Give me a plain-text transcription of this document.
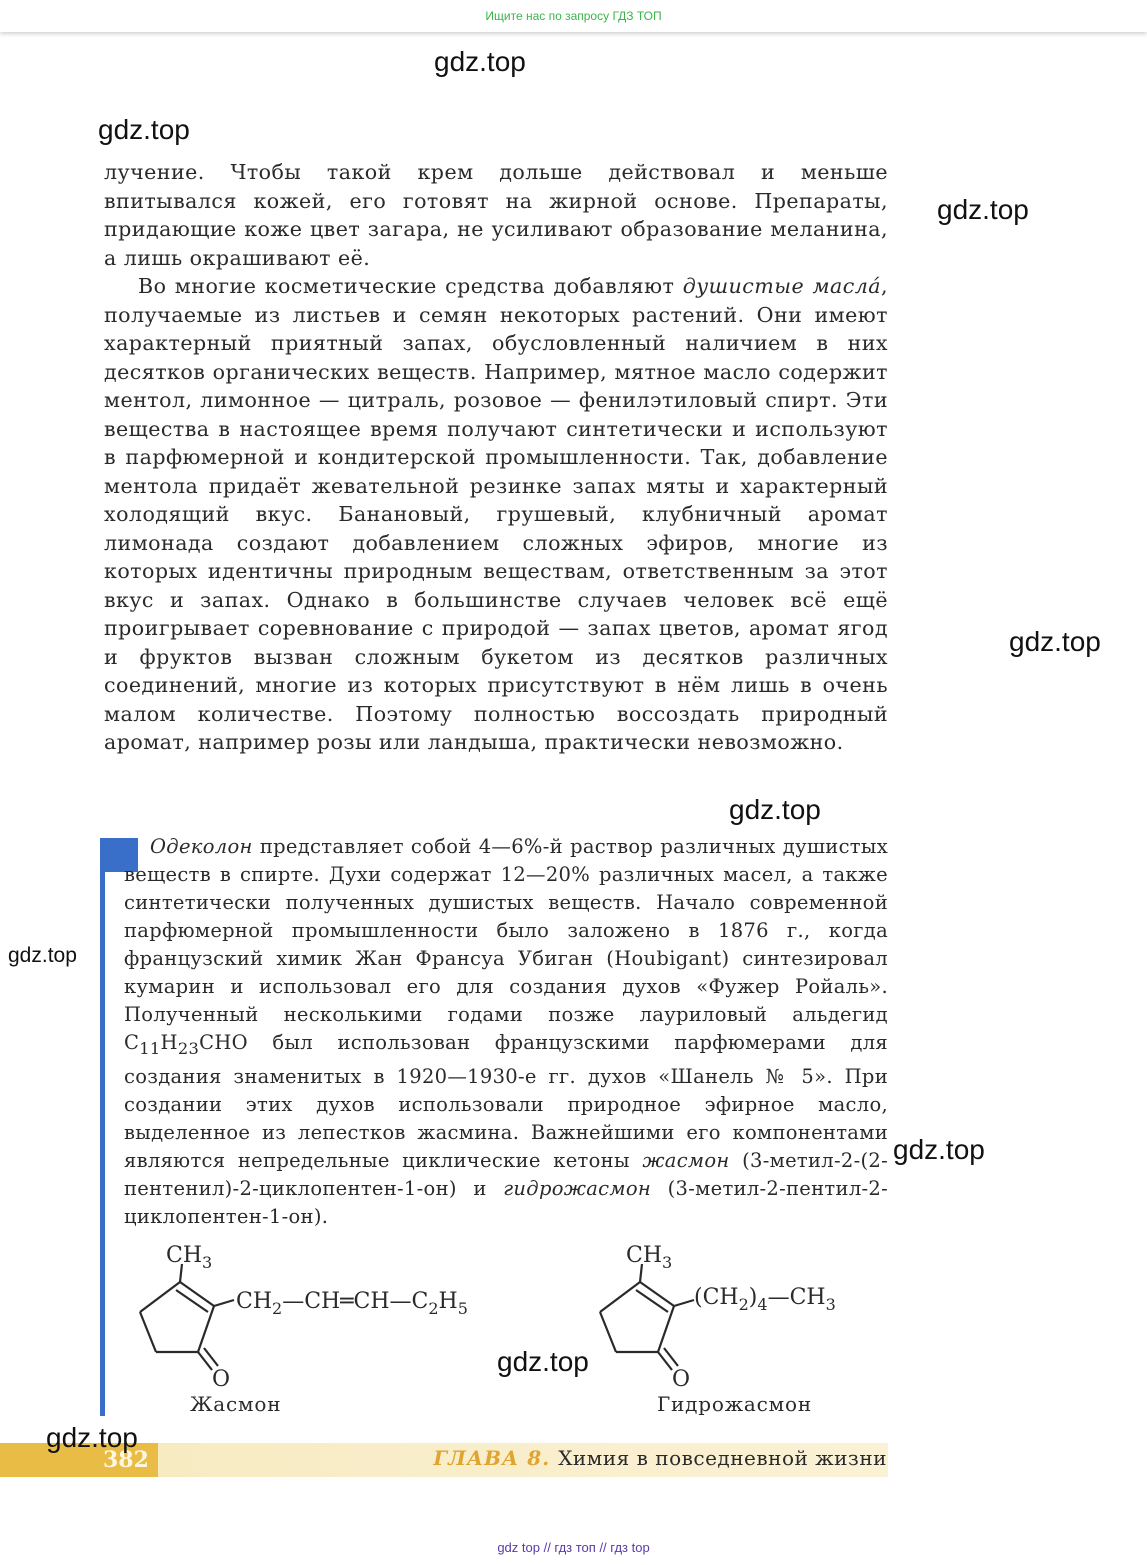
Ищите нас по запросу ГДЗ ТОП
gdz.top
gdz.top
gdz.top
gdz.top
gdz.top
gdz.top
gdz.top
gdz.top

лучение. Чтобы такой крем дольше действовал и меньше впитывался кожей, его готовят на жирной основе. Препараты, придающие коже цвет загара, не усиливают образование меланина, а лишь окрашивают её.

Во многие косметические средства добавляют душистые масла́, получаемые из листьев и семян некоторых растений. Они имеют характерный приятный запах, обусловленный наличием в них десятков органических веществ. Например, мятное масло содержит ментол, лимонное — цитраль, розовое — фенилэтиловый спирт. Эти вещества в настоящее время получают синтетически и используют в парфюмерной и кондитерской промышленности. Так, добавление ментола придаёт жевательной резинке запах мяты и характерный холодящий вкус. Банановый, грушевый, клубничный аромат лимонада создают добавлением сложных эфиров, многие из которых идентичны природным веществам, ответственным за этот вкус и запах. Однако в большинстве случаев человек всё ещё проигрывает соревнование с природой — запах цветов, аромат ягод и фруктов вызван сложным букетом из десятков различных соединений, многие из которых присутствуют в нём лишь в очень малом количестве. Поэтому полностью воссоздать природный аромат, например розы или ландыша, практически невозможно.

Одеколон представляет собой 4—6%-й раствор различных душистых веществ в спирте. Духи содержат 12—20% различных масел, а также синтетически полученных душистых веществ. Начало современной парфюмерной промышленности было заложено в 1876 г., когда французский химик Жан Франсуа Убиган (Houbigant) синтезировал кумарин и использовал его для создания духов «Фужер Ройаль». Полученный несколькими годами позже лауриловый альдегид $C_{11}H_{23}CHO$ был использован французскими парфюмерами для создания знаменитых в 1920—1930-е гг. духов «Шанель № 5». При создании этих духов использовали природное эфирное масло, выделенное из лепестков жасмина. Важнейшими его компонентами являются непредельные циклические кетоны жасмон (3-метил-2-(2-пентенил)-2-циклопентен-1-он) и гидрожасмон (3-метил-2-пентил-2-циклопентен-1-он).

$CH_3$
$CH_2—CH═CH—C_2H_5$
O
Жасмон
$CH_3$
$(CH_2)_4—CH_3$
O
Гидрожасмон
382
gdz.top
ГЛАВА 8. Химия в повседневной жизни
gdz top // гдз топ // гдз top
